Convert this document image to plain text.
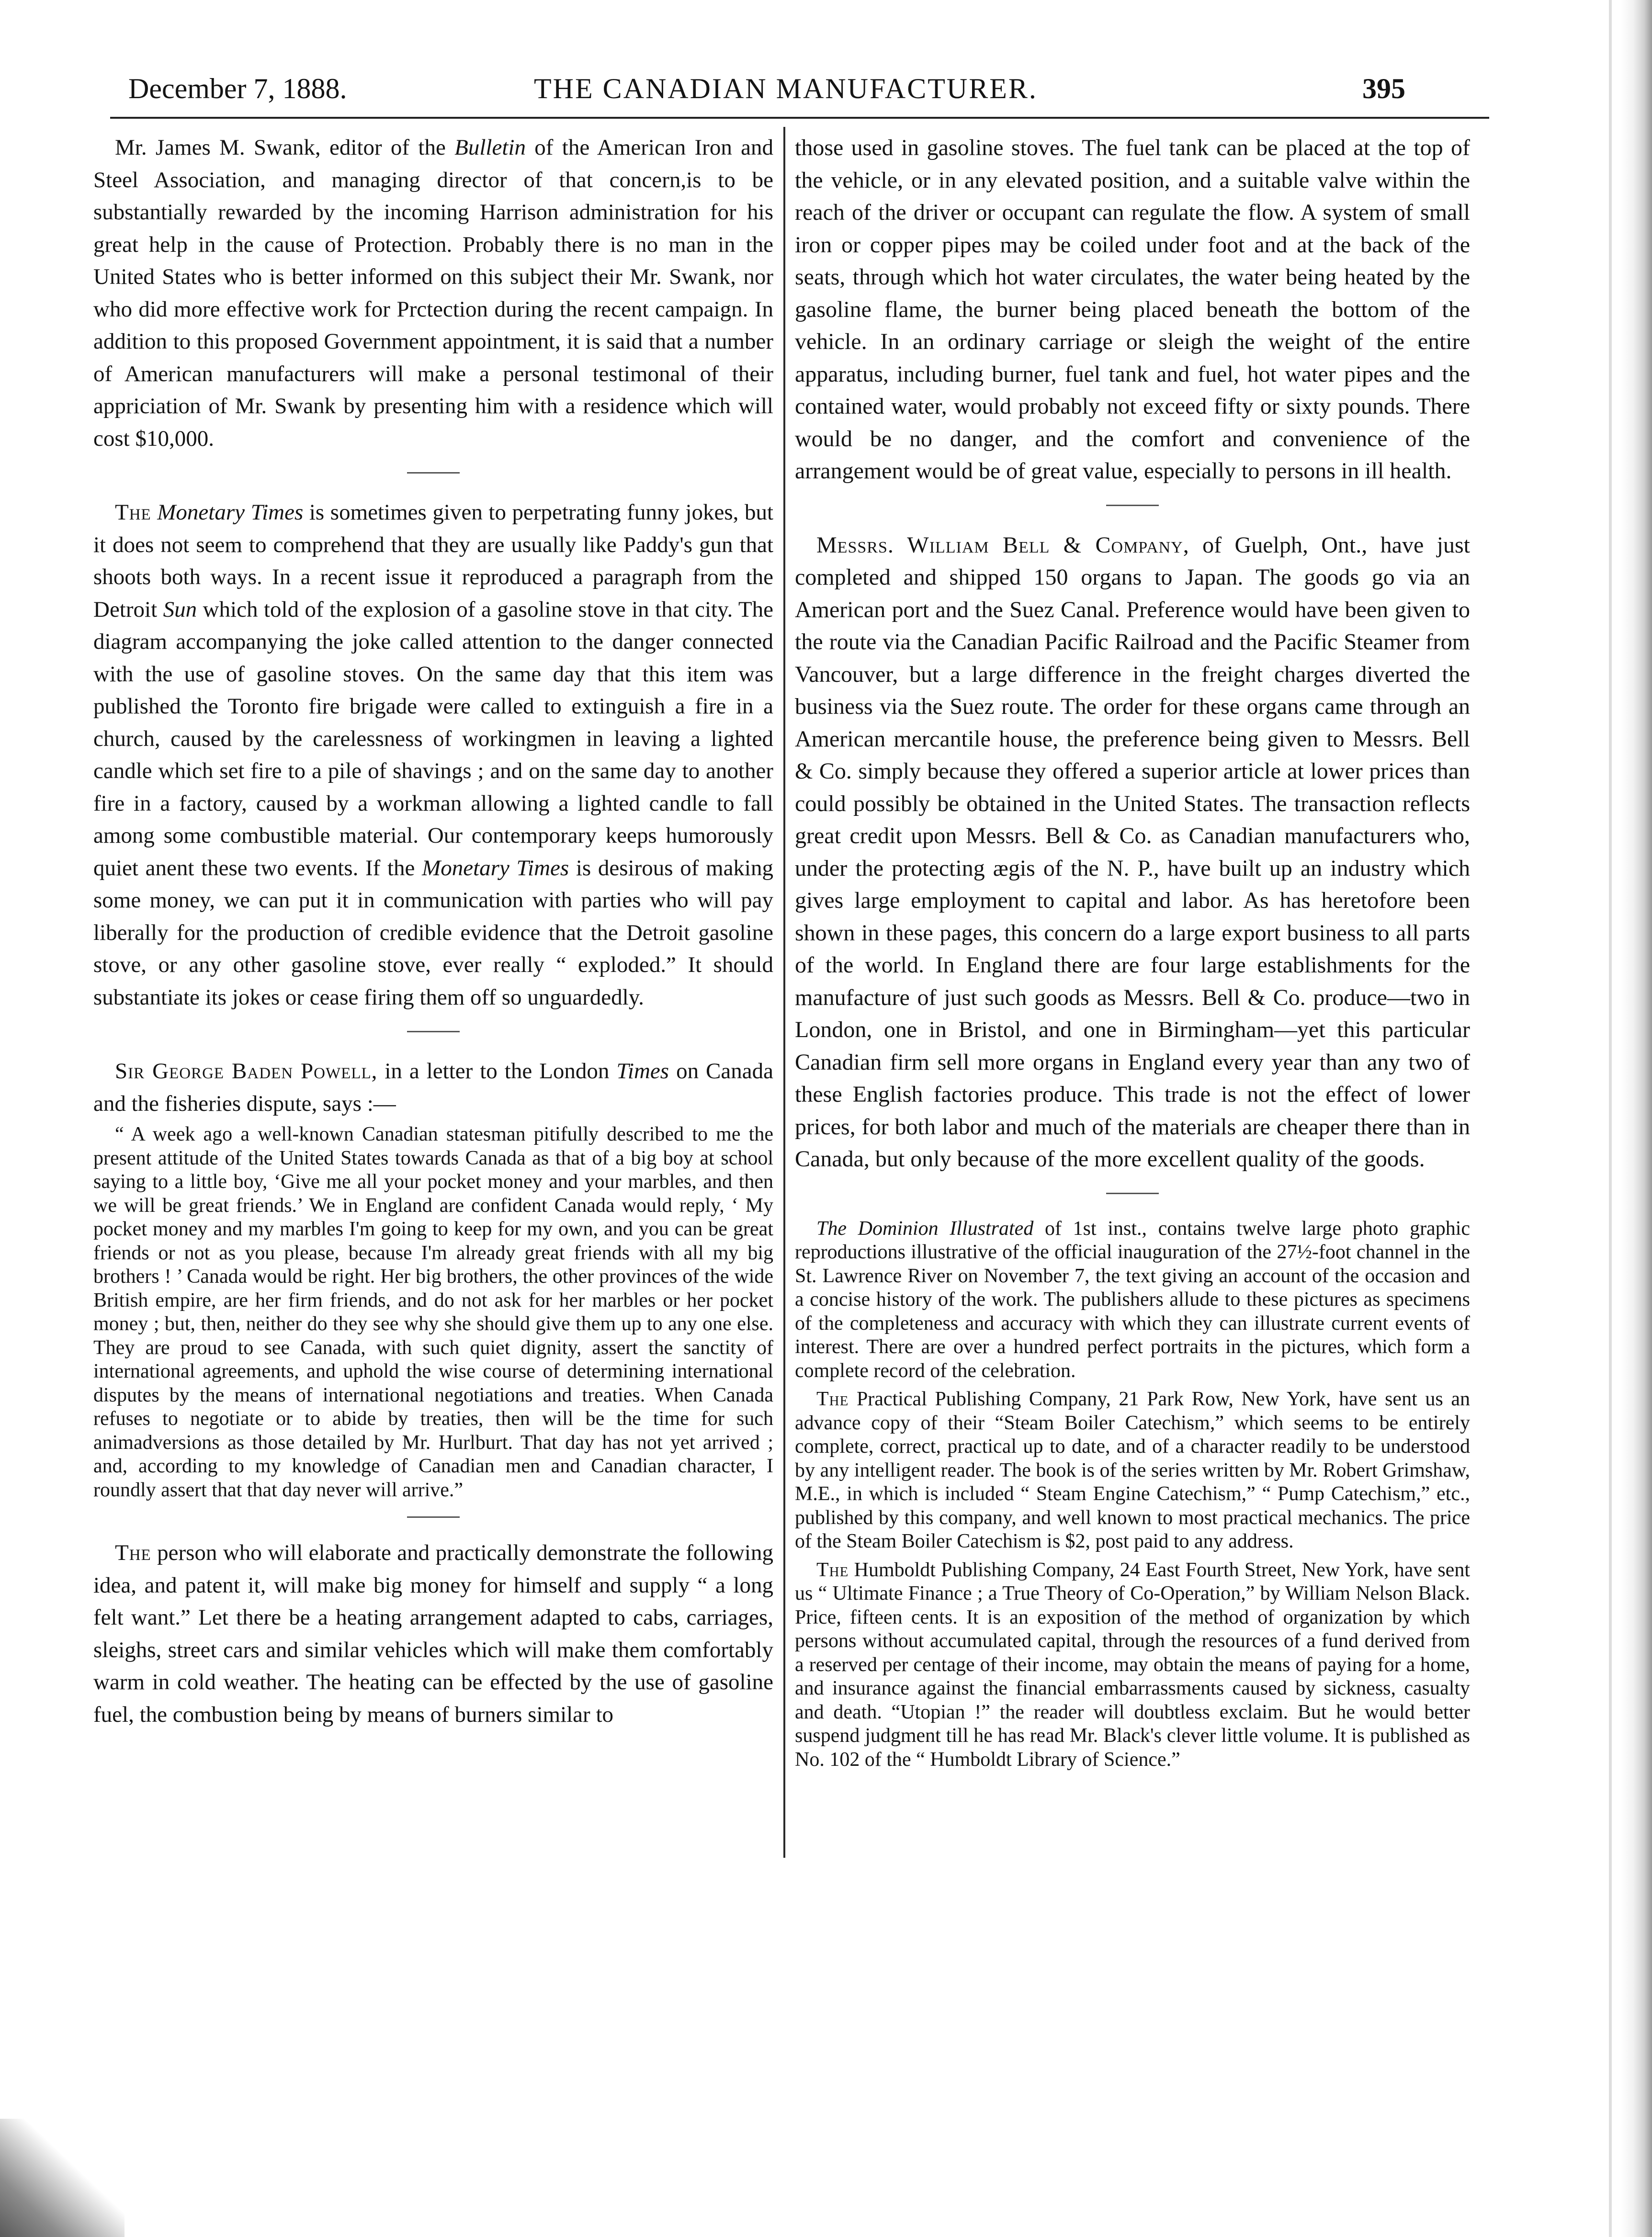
December 7, 1888.	THE CANADIAN MANUFACTURER.	395

Mr. James M. Swank, editor of the Bulletin of the American Iron and Steel Association, and managing director of that concern,is to be substantially rewarded by the incoming Harrison administration for his great help in the cause of Protection. Probably there is no man in the United States who is better informed on this subject their Mr. Swank, nor who did more effective work for Prctection during the recent campaign. In addition to this proposed Government appointment, it is said that a number of American manufacturers will make a personal testimonal of their appriciation of Mr. Swank by presenting him with a residence which will cost $10,000.

The Monetary Times is sometimes given to perpetrating funny jokes, but it does not seem to comprehend that they are usually like Paddy's gun that shoots both ways. In a recent issue it reproduced a paragraph from the Detroit Sun which told of the explosion of a gasoline stove in that city. The diagram accompanying the joke called attention to the danger connected with the use of gasoline stoves. On the same day that this item was published the Toronto fire brigade were called to extinguish a fire in a church, caused by the carelessness of workingmen in leaving a lighted candle which set fire to a pile of shavings ; and on the same day to another fire in a factory, caused by a workman allowing a lighted candle to fall among some combustible material. Our contemporary keeps humorously quiet anent these two events. If the Monetary Times is desirous of making some money, we can put it in communication with parties who will pay liberally for the production of credible evidence that the Detroit gasoline stove, or any other gasoline stove, ever really “ exploded.” It should substantiate its jokes or cease firing them off so unguardedly.

Sir George Baden Powell, in a letter to the London Times on Canada and the fisheries dispute, says :—

“ A week ago a well-known Canadian statesman pitifully described to me the present attitude of the United States towards Canada as that of a big boy at school saying to a little boy, ‘Give me all your pocket money and your marbles, and then we will be great friends.’ We in England are confident Canada would reply, ‘ My pocket money and my marbles I'm going to keep for my own, and you can be great friends or not as you please, because I'm already great friends with all my big brothers ! ’ Canada would be right. Her big brothers, the other provinces of the wide British empire, are her firm friends, and do not ask for her marbles or her pocket money ; but, then, neither do they see why she should give them up to any one else. They are proud to see Canada, with such quiet dignity, assert the sanctity of international agreements, and uphold the wise course of determining international disputes by the means of international negotiations and treaties. When Canada refuses to negotiate or to abide by treaties, then will be the time for such animadversions as those detailed by Mr. Hurlburt. That day has not yet arrived ; and, according to my knowledge of Canadian men and Canadian character, I roundly assert that that day never will arrive.”

The person who will elaborate and practically demonstrate the following idea, and patent it, will make big money for himself and supply “ a long felt want.” Let there be a heating arrangement adapted to cabs, carriages, sleighs, street cars and similar vehicles which will make them comfortably warm in cold weather. The heating can be effected by the use of gasoline fuel, the combustion being by means of burners similar to

those used in gasoline stoves. The fuel tank can be placed at the top of the vehicle, or in any elevated position, and a suitable valve within the reach of the driver or occupant can regulate the flow. A system of small iron or copper pipes may be coiled under foot and at the back of the seats, through which hot water circulates, the water being heated by the gasoline flame, the burner being placed beneath the bottom of the vehicle. In an ordinary carriage or sleigh the weight of the entire apparatus, including burner, fuel tank and fuel, hot water pipes and the contained water, would probably not exceed fifty or sixty pounds. There would be no danger, and the comfort and convenience of the arrangement would be of great value, especially to persons in ill health.

Messrs. William Bell & Company, of Guelph, Ont., have just completed and shipped 150 organs to Japan. The goods go via an American port and the Suez Canal. Preference would have been given to the route via the Canadian Pacific Railroad and the Pacific Steamer from Vancouver, but a large difference in the freight charges diverted the business via the Suez route. The order for these organs came through an American mercantile house, the preference being given to Messrs. Bell & Co. simply because they offered a superior article at lower prices than could possibly be obtained in the United States. The transaction reflects great credit upon Messrs. Bell & Co. as Canadian manufacturers who, under the protecting ægis of the N. P., have built up an industry which gives large employment to capital and labor. As has heretofore been shown in these pages, this concern do a large export business to all parts of the world. In England there are four large establishments for the manufacture of just such goods as Messrs. Bell & Co. produce—two in London, one in Bristol, and one in Birmingham—yet this particular Canadian firm sell more organs in England every year than any two of these English factories produce. This trade is not the effect of lower prices, for both labor and much of the materials are cheaper there than in Canada, but only because of the more excellent quality of the goods.

The Dominion Illustrated of 1st inst., contains twelve large photo graphic reproductions illustrative of the official inauguration of the 27½-foot channel in the St. Lawrence River on November 7, the text giving an account of the occasion and a concise history of the work. The publishers allude to these pictures as specimens of the completeness and accuracy with which they can illustrate current events of interest. There are over a hundred perfect portraits in the pictures, which form a complete record of the celebration.

The Practical Publishing Company, 21 Park Row, New York, have sent us an advance copy of their “Steam Boiler Catechism,” which seems to be entirely complete, correct, practical up to date, and of a character readily to be understood by any intelligent reader. The book is of the series written by Mr. Robert Grimshaw, M.E., in which is included “ Steam Engine Catechism,” “ Pump Catechism,” etc., published by this company, and well known to most practical mechanics. The price of the Steam Boiler Catechism is $2, post paid to any address.

The Humboldt Publishing Company, 24 East Fourth Street, New York, have sent us “ Ultimate Finance ; a True Theory of Co-Operation,” by William Nelson Black. Price, fifteen cents. It is an exposition of the method of organization by which persons without accumulated capital, through the resources of a fund derived from a reserved per centage of their income, may obtain the means of paying for a home, and insurance against the financial embarrassments caused by sickness, casualty and death. “Utopian !” the reader will doubtless exclaim. But he would better suspend judgment till he has read Mr. Black's clever little volume. It is published as No. 102 of the “ Humboldt Library of Science.”
